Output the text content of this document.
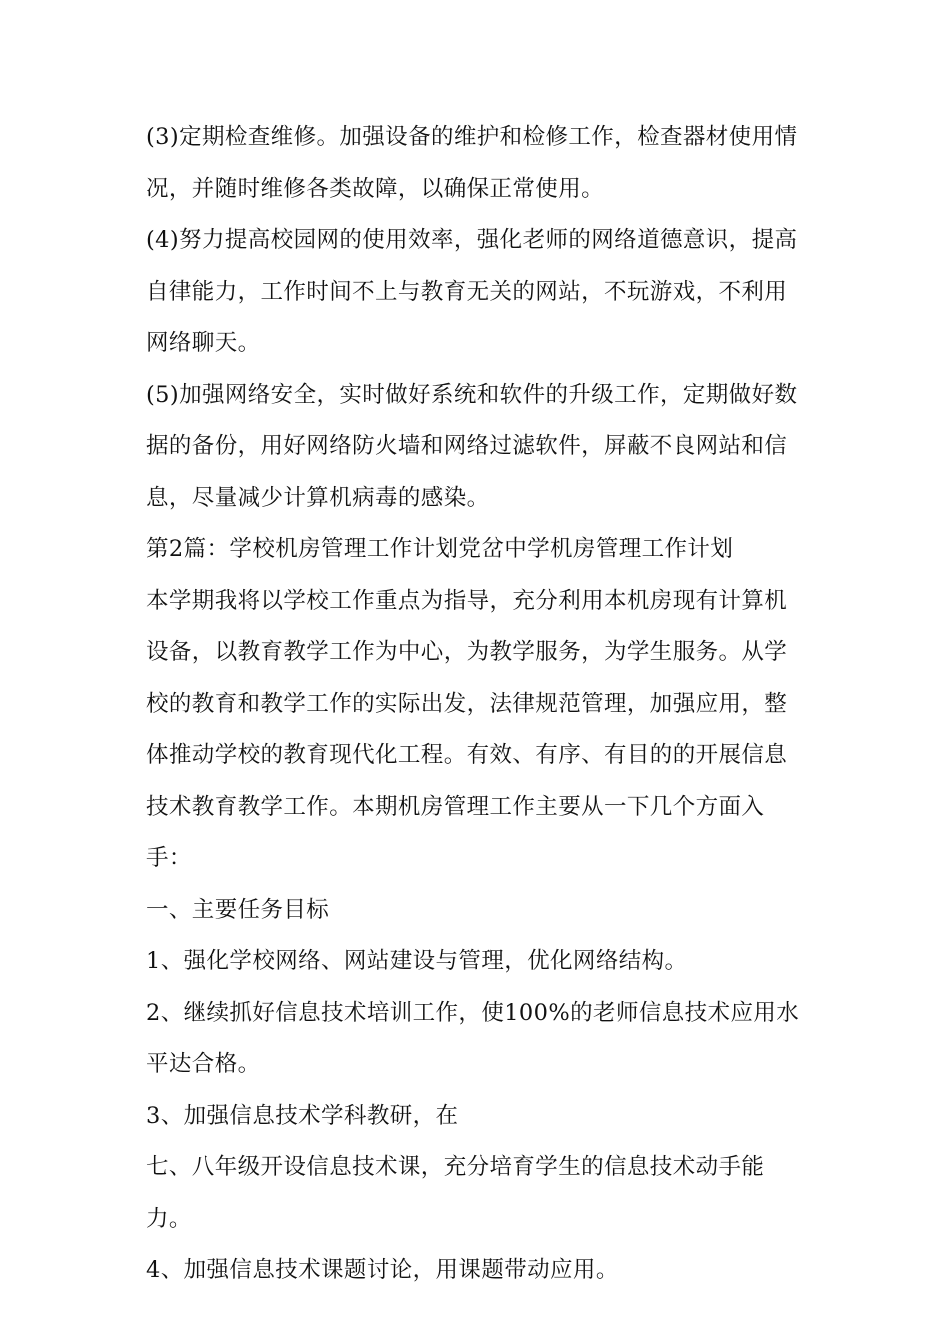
(3)定期检查维修。加强设备的维护和检修工作，检查器材使用情况，并随时维修各类故障，以确保正常使用。

(4)努力提高校园网的使用效率，强化老师的网络道德意识，提高自律能力，工作时间不上与教育无关的网站，不玩游戏，不利用网络聊天。

(5)加强网络安全，实时做好系统和软件的升级工作，定期做好数据的备份，用好网络防火墙和网络过滤软件，屏蔽不良网站和信息，尽量减少计算机病毒的感染。

第2篇：学校机房管理工作计划党岔中学机房管理工作计划

本学期我将以学校工作重点为指导，充分利用本机房现有计算机设备，以教育教学工作为中心，为教学服务，为学生服务。从学校的教育和教学工作的实际出发，法律规范管理，加强应用，整体推动学校的教育现代化工程。有效、有序、有目的的开展信息技术教育教学工作。本期机房管理工作主要从一下几个方面入手：

一、主要任务目标

1、强化学校网络、网站建设与管理，优化网络结构。

2、继续抓好信息技术培训工作，使100%的老师信息技术应用水平达合格。

3、加强信息技术学科教研，在

七、八年级开设信息技术课，充分培育学生的信息技术动手能力。

4、加强信息技术课题讨论，用课题带动应用。
